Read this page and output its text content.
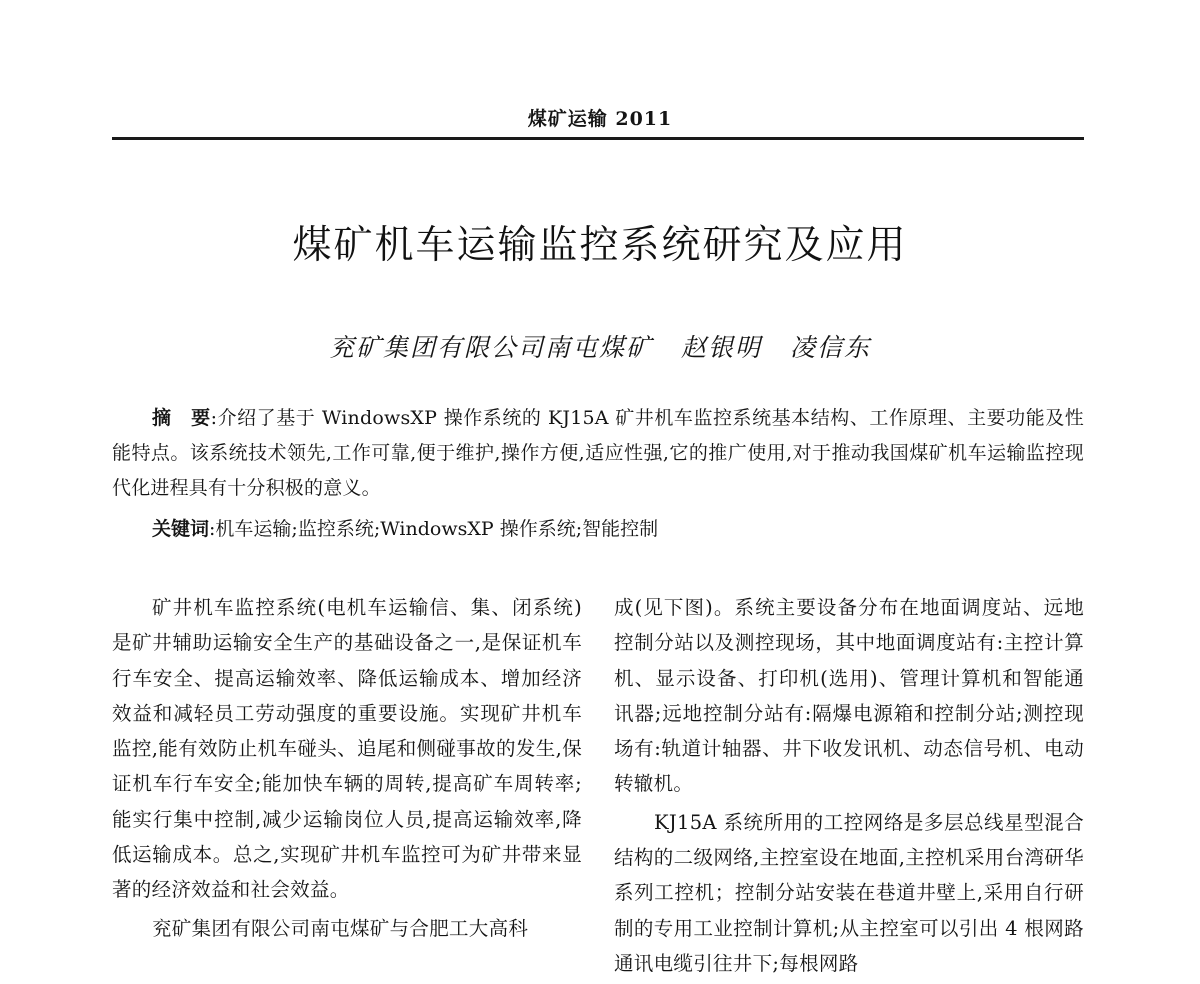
煤矿运输 2011
煤矿机车运输监控系统研究及应用
兖矿集团有限公司南屯煤矿 赵银明 凌信东
摘　要:介绍了基于 WindowsXP 操作系统的 KJ15A 矿井机车监控系统基本结构、工作原理、主要功能及性能特点。该系统技术领先,工作可靠,便于维护,操作方便,适应性强,它的推广使用,对于推动我国煤矿机车运输监控现代化进程具有十分积极的意义。
关键词:机车运输;监控系统;WindowsXP 操作系统;智能控制

矿井机车监控系统(电机车运输信、集、闭系统)是矿井辅助运输安全生产的基础设备之一,是保证机车行车安全、提高运输效率、降低运输成本、增加经济效益和减轻员工劳动强度的重要设施。实现矿井机车监控,能有效防止机车碰头、追尾和侧碰事故的发生,保证机车行车安全;能加快车辆的周转,提高矿车周转率;能实行集中控制,减少运输岗位人员,提高运输效率,降低运输成本。总之,实现矿井机车监控可为矿井带来显著的经济效益和社会效益。

兖矿集团有限公司南屯煤矿与合肥工大高科

成(见下图)。系统主要设备分布在地面调度站、远地控制分站以及测控现场，其中地面调度站有:主控计算机、显示设备、打印机(选用)、管理计算机和智能通讯器;远地控制分站有:隔爆电源箱和控制分站;测控现场有:轨道计轴器、井下收发讯机、动态信号机、电动转辙机。

KJ15A 系统所用的工控网络是多层总线星型混合结构的二级网络,主控室设在地面,主控机采用台湾研华系列工控机；控制分站安装在巷道井壁上,采用自行研制的专用工业控制计算机;从主控室可以引出 4 根网路通讯电缆引往井下;每根网路
